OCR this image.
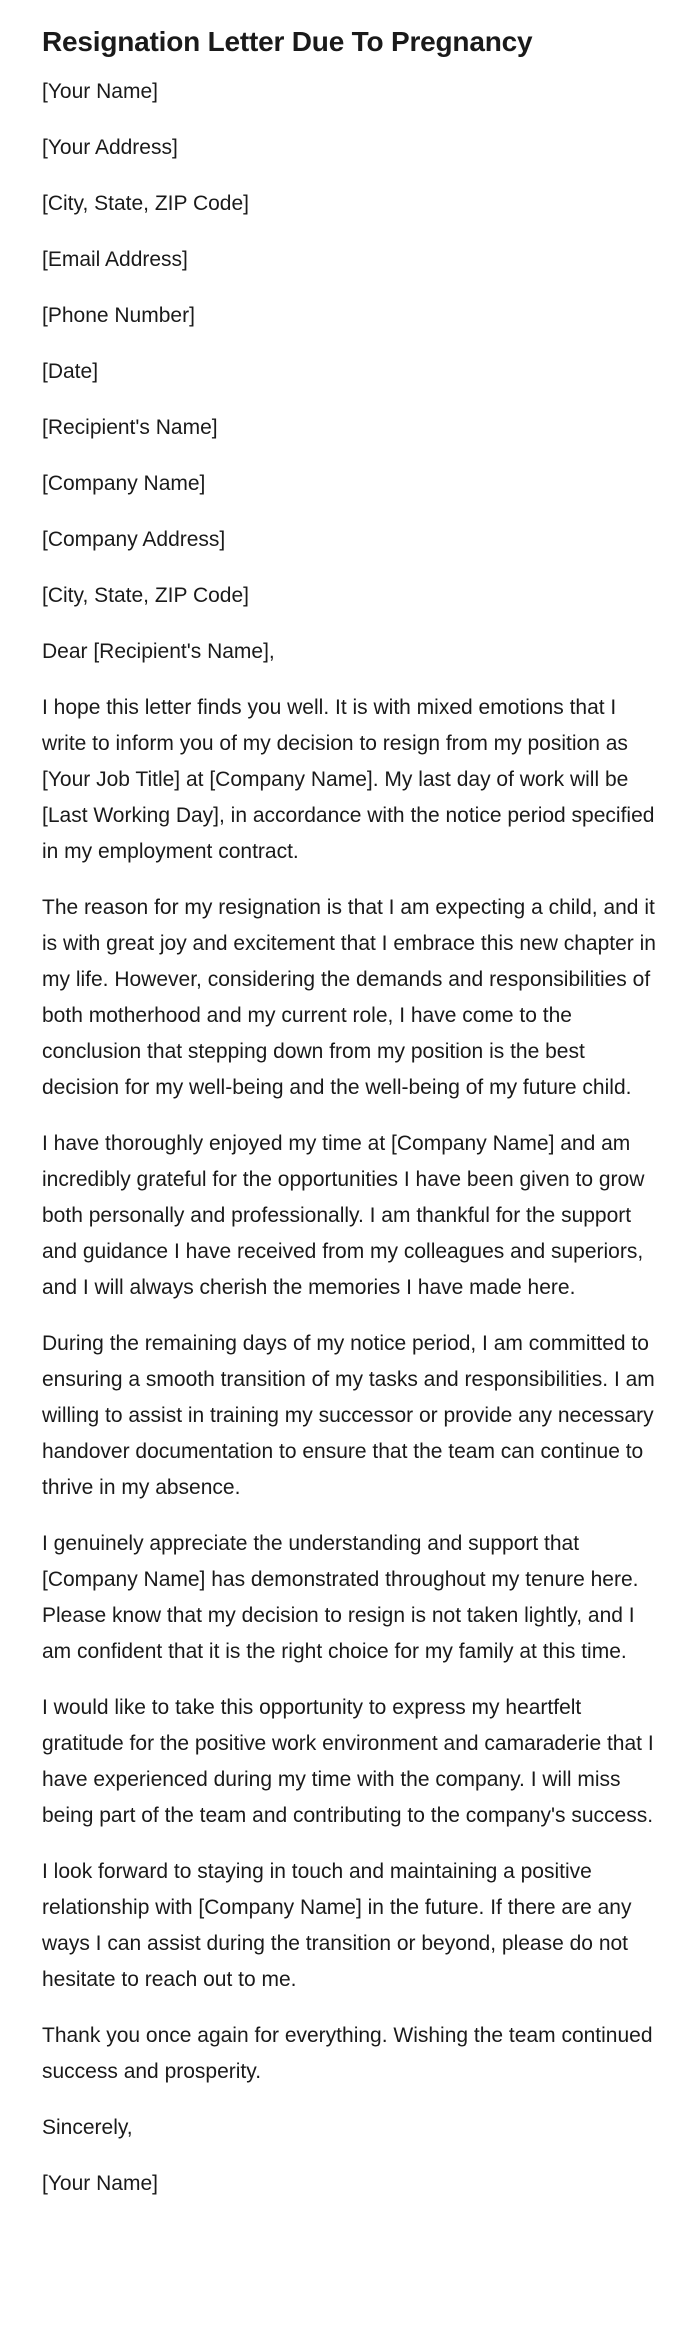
Resignation Letter Due To Pregnancy
[Your Name]
[Your Address]
[City, State, ZIP Code]
[Email Address]
[Phone Number]
[Date]
[Recipient's Name]
[Company Name]
[Company Address]
[City, State, ZIP Code]
Dear [Recipient's Name],
I hope this letter finds you well. It is with mixed emotions that I write to inform you of my decision to resign from my position as [Your Job Title] at [Company Name]. My last day of work will be [Last Working Day], in accordance with the notice period specified in my employment contract.
The reason for my resignation is that I am expecting a child, and it is with great joy and excitement that I embrace this new chapter in my life. However, considering the demands and responsibilities of both motherhood and my current role, I have come to the conclusion that stepping down from my position is the best decision for my well-being and the well-being of my future child.
I have thoroughly enjoyed my time at [Company Name] and am incredibly grateful for the opportunities I have been given to grow both personally and professionally. I am thankful for the support and guidance I have received from my colleagues and superiors, and I will always cherish the memories I have made here.
During the remaining days of my notice period, I am committed to ensuring a smooth transition of my tasks and responsibilities. I am willing to assist in training my successor or provide any necessary handover documentation to ensure that the team can continue to thrive in my absence.
I genuinely appreciate the understanding and support that [Company Name] has demonstrated throughout my tenure here. Please know that my decision to resign is not taken lightly, and I am confident that it is the right choice for my family at this time.
I would like to take this opportunity to express my heartfelt gratitude for the positive work environment and camaraderie that I have experienced during my time with the company. I will miss being part of the team and contributing to the company's success.
I look forward to staying in touch and maintaining a positive relationship with [Company Name] in the future. If there are any ways I can assist during the transition or beyond, please do not hesitate to reach out to me.
Thank you once again for everything. Wishing the team continued success and prosperity.
Sincerely,
[Your Name]
